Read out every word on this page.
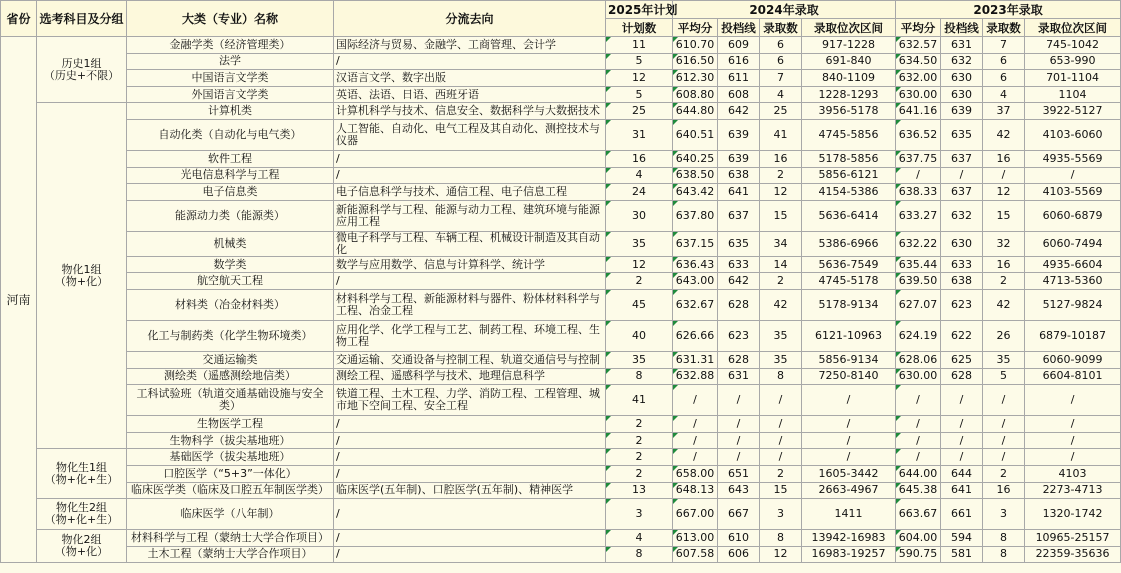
省份	选考科目及分组	大类（专业）名称	分流去向	2025年计划	2024年录取				2023年录取			
				计划数	平均分	投档线	录取数	录取位次区间	平均分	投档线	录取数	录取位次区间
河南	历史1组
（历史+不限）	金融学类（经济管理类）	国际经济与贸易、金融学、工商管理、会计学	11	610.70	609	6	917-1228	632.57	631	7	745-1042
		法学	/	5	616.50	616	6	691-840	634.50	632	6	653-990
		中国语言文学类	汉语言文学、数字出版	12	612.30	611	7	840-1109	632.00	630	6	701-1104
		外国语言文学类	英语、法语、日语、西班牙语	5	608.80	608	4	1228-1293	630.00	630	4	1104
	物化1组
（物+化）	计算机类	计算机科学与技术、信息安全、数据科学与大数据技术	25	644.80	642	25	3956-5178	641.16	639	37	3922-5127
		自动化类（自动化与电气类）	人工智能、自动化、电气工程及其自动化、测控技术与仪器	31	640.51	639	41	4745-5856	636.52	635	42	4103-6060
		软件工程	/	16	640.25	639	16	5178-5856	637.75	637	16	4935-5569
		光电信息科学与工程	/	4	638.50	638	2	5856-6121	/	/	/	/
		电子信息类	电子信息科学与技术、通信工程、电子信息工程	24	643.42	641	12	4154-5386	638.33	637	12	4103-5569
		能源动力类（能源类）	新能源科学与工程、能源与动力工程、建筑环境与能源应用工程	30	637.80	637	15	5636-6414	633.27	632	15	6060-6879
		机械类	微电子科学与工程、车辆工程、机械设计制造及其自动化	35	637.15	635	34	5386-6966	632.22	630	32	6060-7494
		数学类	数学与应用数学、信息与计算科学、统计学	12	636.43	633	14	5636-7549	635.44	633	16	4935-6604
		航空航天工程	/	2	643.00	642	2	4745-5178	639.50	638	2	4713-5360
		材料类（冶金材料类）	材料科学与工程、新能源材料与器件、粉体材料科学与工程、冶金工程	45	632.67	628	42	5178-9134	627.07	623	42	5127-9824
		化工与制药类（化学生物环境类）	应用化学、化学工程与工艺、制药工程、环境工程、生物工程	40	626.66	623	35	6121-10963	624.19	622	26	6879-10187
		交通运输类	交通运输、交通设备与控制工程、轨道交通信号与控制	35	631.31	628	35	5856-9134	628.06	625	35	6060-9099
		测绘类（遥感测绘地信类）	测绘工程、遥感科学与技术、地理信息科学	8	632.88	631	8	7250-8140	630.00	628	5	6604-8101
		工科试验班（轨道交通基础设施与安全类）	铁道工程、土木工程、力学、消防工程、工程管理、城市地下空间工程、安全工程	41	/	/	/	/	/	/	/	/
		生物医学工程	/	2	/	/	/	/	/	/	/	/
		生物科学（拔尖基地班）	/	2	/	/	/	/	/	/	/	/
	物化生1组
（物+化+生）	基础医学（拔尖基地班）	/	2	/	/	/	/	/	/	/	/
		口腔医学（“5+3”一体化）	/	2	658.00	651	2	1605-3442	644.00	644	2	4103
		临床医学类（临床及口腔五年制医学类）	临床医学(五年制)、口腔医学(五年制)、精神医学	13	648.13	643	15	2663-4967	645.38	641	16	2273-4713
	物化生2组
（物+化+生）	临床医学（八年制）	/	3	667.00	667	3	1411	663.67	661	3	1320-1742
	物化2组
（物+化）	材料科学与工程（蒙纳士大学合作项目）	/	4	613.00	610	8	13942-16983	604.00	594	8	10965-25157
		土木工程（蒙纳士大学合作项目）	/	8	607.58	606	12	16983-19257	590.75	581	8	22359-35636
